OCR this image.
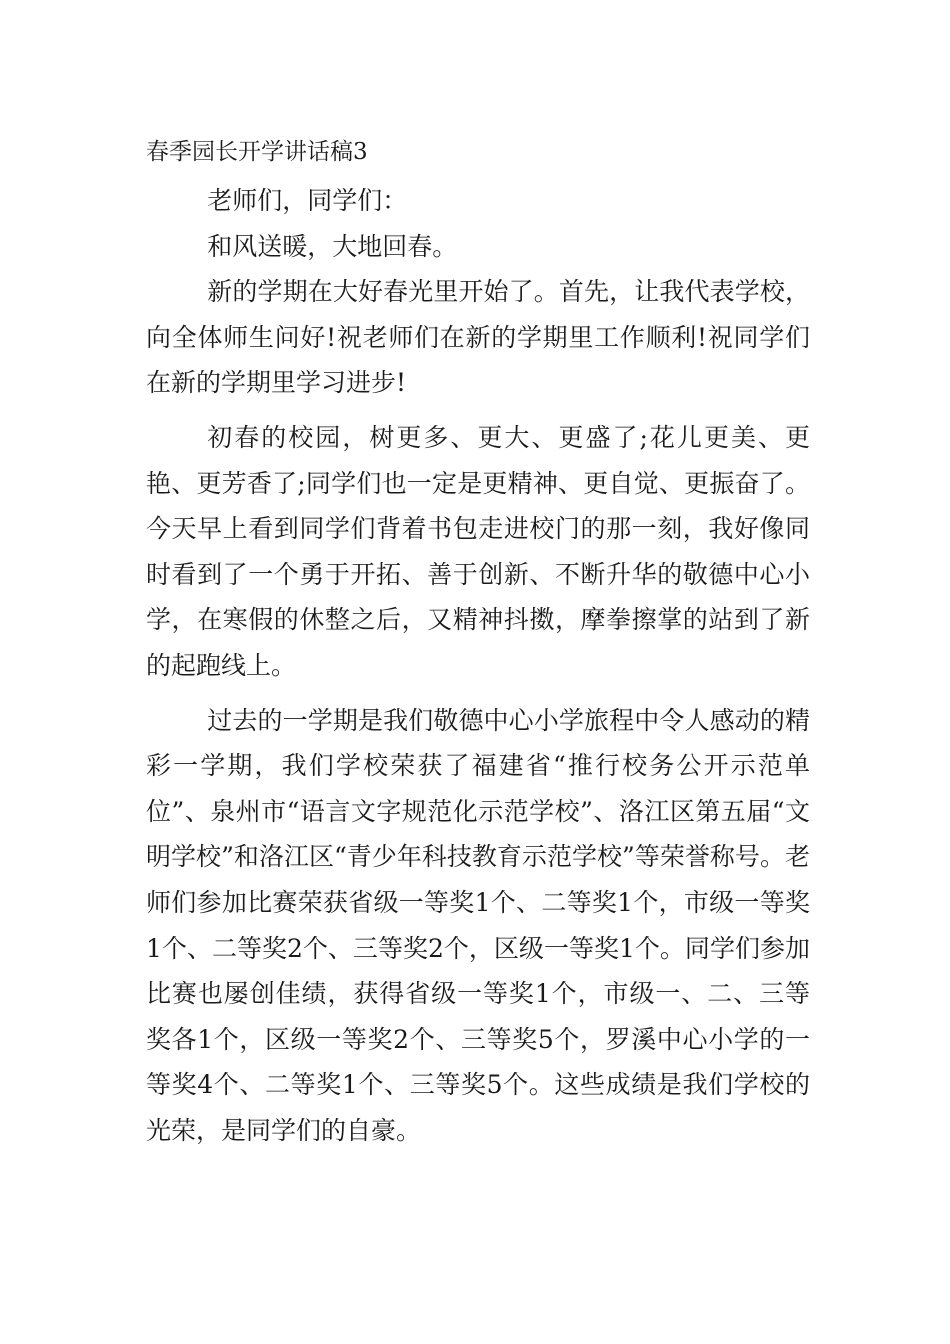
春季园长开学讲话稿3

老师们，同学们：

和风送暖，大地回春。

新的学期在大好春光里开始了。首先，让我代表学校，向全体师生问好!祝老师们在新的学期里工作顺利!祝同学们在新的学期里学习进步!

初春的校园，树更多、更大、更盛了;花儿更美、更艳、更芳香了;同学们也一定是更精神、更自觉、更振奋了。今天早上看到同学们背着书包走进校门的那一刻，我好像同时看到了一个勇于开拓、善于创新、不断升华的敬德中心小学，在寒假的休整之后，又精神抖擞，摩拳擦掌的站到了新的起跑线上。

过去的一学期是我们敬德中心小学旅程中令人感动的精彩一学期，我们学校荣获了福建省“推行校务公开示范单位”、泉州市“语言文字规范化示范学校”、洛江区第五届“文明学校”和洛江区“青少年科技教育示范学校”等荣誉称号。老师们参加比赛荣获省级一等奖1个、二等奖1个，市级一等奖1个、二等奖2个、三等奖2个，区级一等奖1个。同学们参加比赛也屡创佳绩，获得省级一等奖1个，市级一、二、三等奖各1个，区级一等奖2个、三等奖5个，罗溪中心小学的一等奖4个、二等奖1个、三等奖5个。这些成绩是我们学校的光荣，是同学们的自豪。
